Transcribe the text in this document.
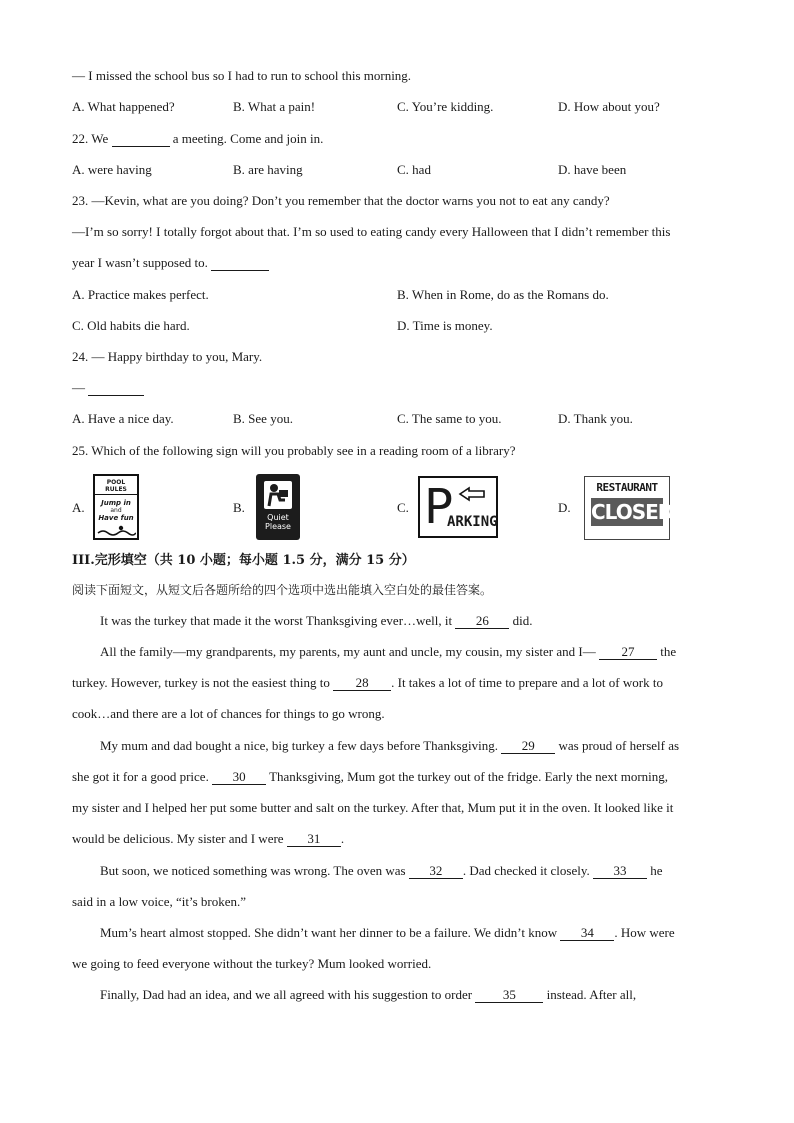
— I missed the school bus so I had to run to school this morning.
A. What happened?	B. What a pain!	C. You’re kidding.	D. How about you?
22. We	a meeting. Come and join in.
A. were having	B. are having	C. had	D. have been
23. —Kevin, what are you doing? Don’t you remember that the doctor warns you not to eat any candy?
—I’m so sorry! I totally forgot about that. I’m so used to eating candy every Halloween that I didn’t remember this
year I wasn’t supposed to.
A. Practice makes perfect.	B. When in Rome, do as the Romans do.
C. Old habits die hard.	D. Time is money.
24. — Happy birthday to you, Mary.
—
A. Have a nice day.	B. See you.	C. The same to you.	D. Thank you.
25. Which of the following sign will you probably see in a reading room of a library?
A.	B.	C.	D.
POOL RULES
Jump in
and
Have fun	Quiet
Please	P
ARKING
RESTAURANT
CLOSED
III.完形填空（共 10 小题；每小题 1.5 分，满分 15 分）
阅读下面短文，从短文后各题所给的四个选项中选出能填入空白处的最佳答案。
It was the turkey that made it the worst Thanksgiving ever…well, it 26 did.
All the family—my grandparents, my parents, my aunt and uncle, my cousin, my sister and I— 27 the
turkey. However, turkey is not the easiest thing to 28 . It takes a lot of time to prepare and a lot of work to
cook…and there are a lot of chances for things to go wrong.
My mum and dad bought a nice, big turkey a few days before Thanksgiving. 29 was proud of herself as
she got it for a good price. 30 Thanksgiving, Mum got the turkey out of the fridge. Early the next morning,
my sister and I helped her put some butter and salt on the turkey. After that, Mum put it in the oven. It looked like it
would be delicious. My sister and I were 31 .
But soon, we noticed something was wrong. The oven was 32 . Dad checked it closely. 33 he
said in a low voice, “it’s broken.”
Mum’s heart almost stopped. She didn’t want her dinner to be a failure. We didn’t know 34 . How were
we going to feed everyone without the turkey? Mum looked worried.
Finally, Dad had an idea, and we all agreed with his suggestion to order 35 instead. After all,
